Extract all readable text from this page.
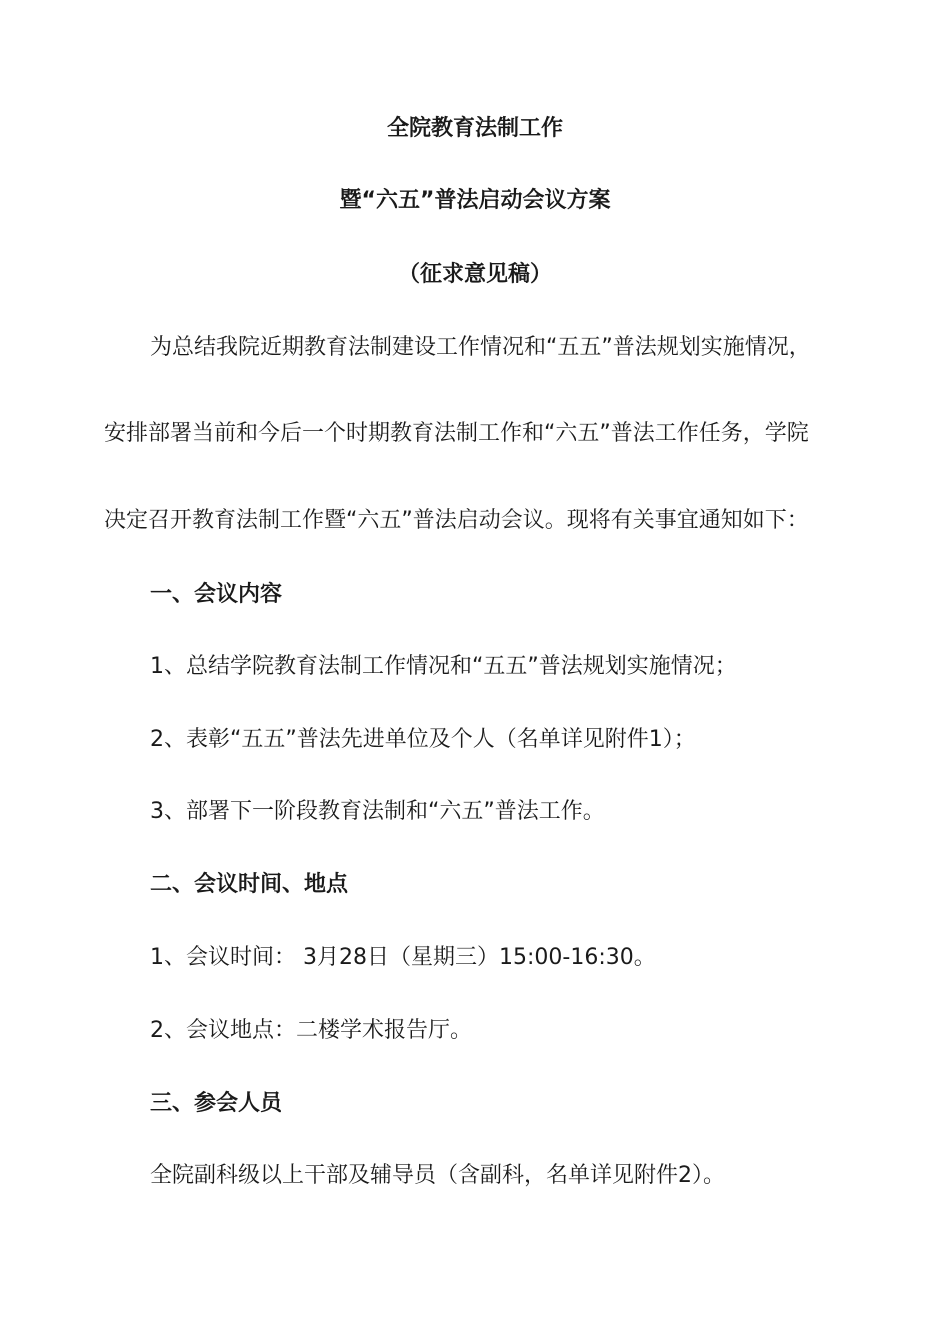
全院教育法制工作
暨“六五”普法启动会议方案
（征求意见稿）
为总结我院近期教育法制建设工作情况和“五五”普法规划实施情况，
安排部署当前和今后一个时期教育法制工作和“六五”普法工作任务，学院
决定召开教育法制工作暨“六五”普法启动会议。现将有关事宜通知如下：
一、会议内容
1、总结学院教育法制工作情况和“五五”普法规划实施情况；
2、表彰“五五”普法先进单位及个人（名单详见附件1）；
3、部署下一阶段教育法制和“六五”普法工作。
二、会议时间、地点
1、会议时间： 3月28日（星期三）15:00-16:30。
2、会议地点：二楼学术报告厅。
三、参会人员
全院副科级以上干部及辅导员（含副科，名单详见附件2）。
